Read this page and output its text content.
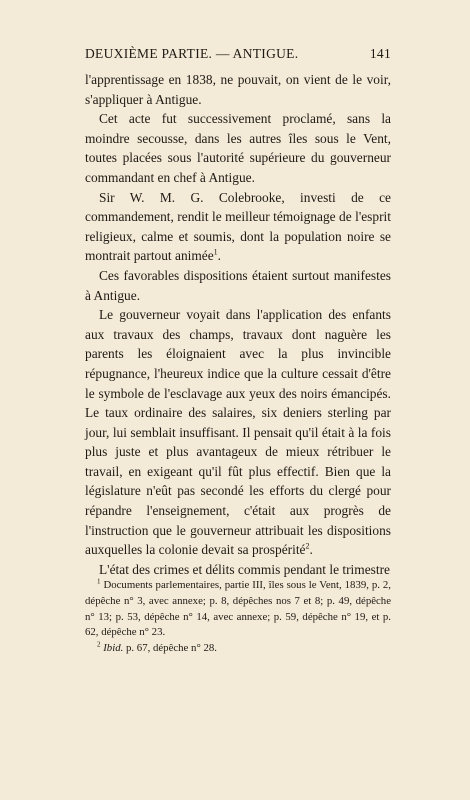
DEUXIÈME PARTIE. — ANTIGUE.	141

l'apprentissage en 1838, ne pouvait, on vient de le voir, s'appliquer à Antigue.

Cet acte fut successivement proclamé, sans la moindre secousse, dans les autres îles sous le Vent, toutes placées sous l'autorité supérieure du gouverneur commandant en chef à Antigue.

Sir W. M. G. Colebrooke, investi de ce commandement, rendit le meilleur témoignage de l'esprit religieux, calme et soumis, dont la population noire se montrait partout animée$^1$.

Ces favorables dispositions étaient surtout manifestes à Antigue.

Le gouverneur voyait dans l'application des enfants aux travaux des champs, travaux dont naguère les parents les éloignaient avec la plus invincible répugnance, l'heureux indice que la culture cessait d'être le symbole de l'esclavage aux yeux des noirs émancipés. Le taux ordinaire des salaires, six deniers sterling par jour, lui semblait insuffisant. Il pensait qu'il était à la fois plus juste et plus avantageux de mieux rétribuer le travail, en exigeant qu'il fût plus effectif. Bien que la législature n'eût pas secondé les efforts du clergé pour répandre l'enseignement, c'était aux progrès de l'instruction que le gouverneur attribuait les dispositions auxquelles la colonie devait sa prospérité$^2$.

L'état des crimes et délits commis pendant le trimestre

$^1$ Documents parlementaires, partie III, îles sous le Vent, 1839, p. 2, dépêche n° 3, avec annexe; p. 8, dépêches nos 7 et 8; p. 49, dépêche n° 13; p. 53, dépêche n° 14, avec annexe; p. 59, dépêche n° 19, et p. 62, dépêche n° 23.

$^2$ Ibid. p. 67, dépêche n° 28.
